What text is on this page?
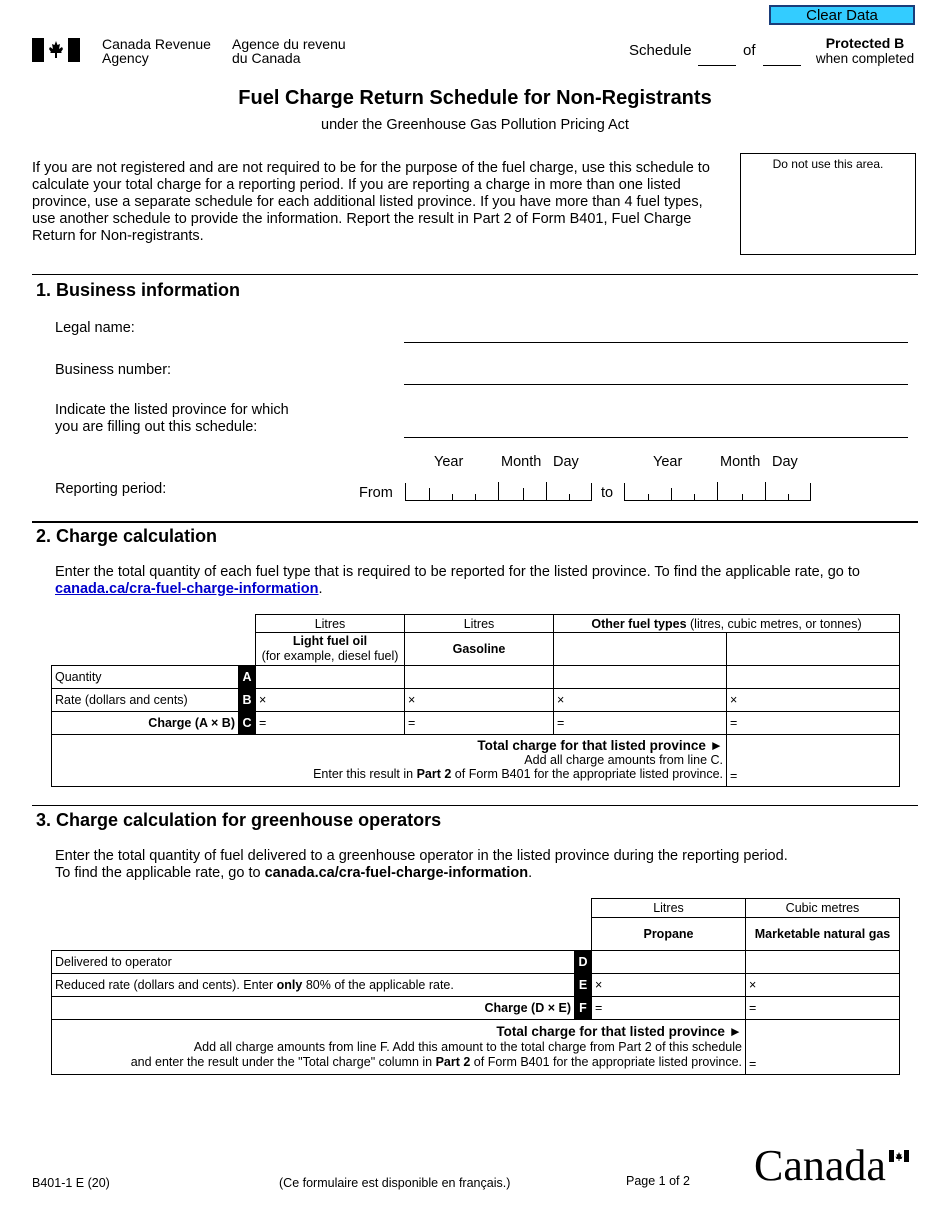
Clear Data
Canada Revenue
Agency
Agence du revenu
du Canada	Schedule	of	Protected B
when completed
Fuel Charge Return Schedule for Non-Registrants
under the Greenhouse Gas Pollution Pricing Act
If you are not registered and are not required to be for the purpose of the fuel charge, use this schedule to calculate your total charge for a reporting period. If you are reporting a charge in more than one listed province, use a separate schedule for each additional listed province. If you have more than 4 fuel types, use another schedule to provide the information. Report the result in Part 2 of Form B401, Fuel Charge Return for Non-registrants.
Do not use this area.
1. Business information
Legal name:
Business number:
Indicate the listed province for which
you are filling out this schedule:
Year	Month Day	Year	Month Day
Reporting period:	From	to
2. Charge calculation
Enter the total quantity of each fuel type that is required to be reported for the listed province. To find the applicable rate, go to canada.ca/cra-fuel-charge-information.
		Litres	Litres	Other fuel types (litres, cubic metres, or tonnes)	
		Light fuel oil
(for example, diesel fuel)	Gasoline		
Quantity	A				
Rate (dollars and cents)	B	×	×	×	×
Charge (A × B)	C	=	=	=	=
Total charge for that listed province ►
Add all charge amounts from line C.
Enter this result in Part 2 of Form B401 for the appropriate listed province.					=
3. Charge calculation for greenhouse operators
Enter the total quantity of fuel delivered to a greenhouse operator in the listed province during the reporting period.
To find the applicable rate, go to canada.ca/cra-fuel-charge-information.
		Litres	Cubic metres
		Propane	Marketable natural gas
Delivered to operator	D		
Reduced rate (dollars and cents). Enter only 80% of the applicable rate.	E	×	×
Charge (D × E)	F	=	=
Total charge for that listed province ►
Add all charge amounts from line F. Add this amount to the total charge from Part 2 of this schedule
and enter the result under the "Total charge" column in Part 2 of Form B401 for the appropriate listed province.			=
B401-1 E (20)	(Ce formulaire est disponible en français.)	Page 1 of 2 Canada
